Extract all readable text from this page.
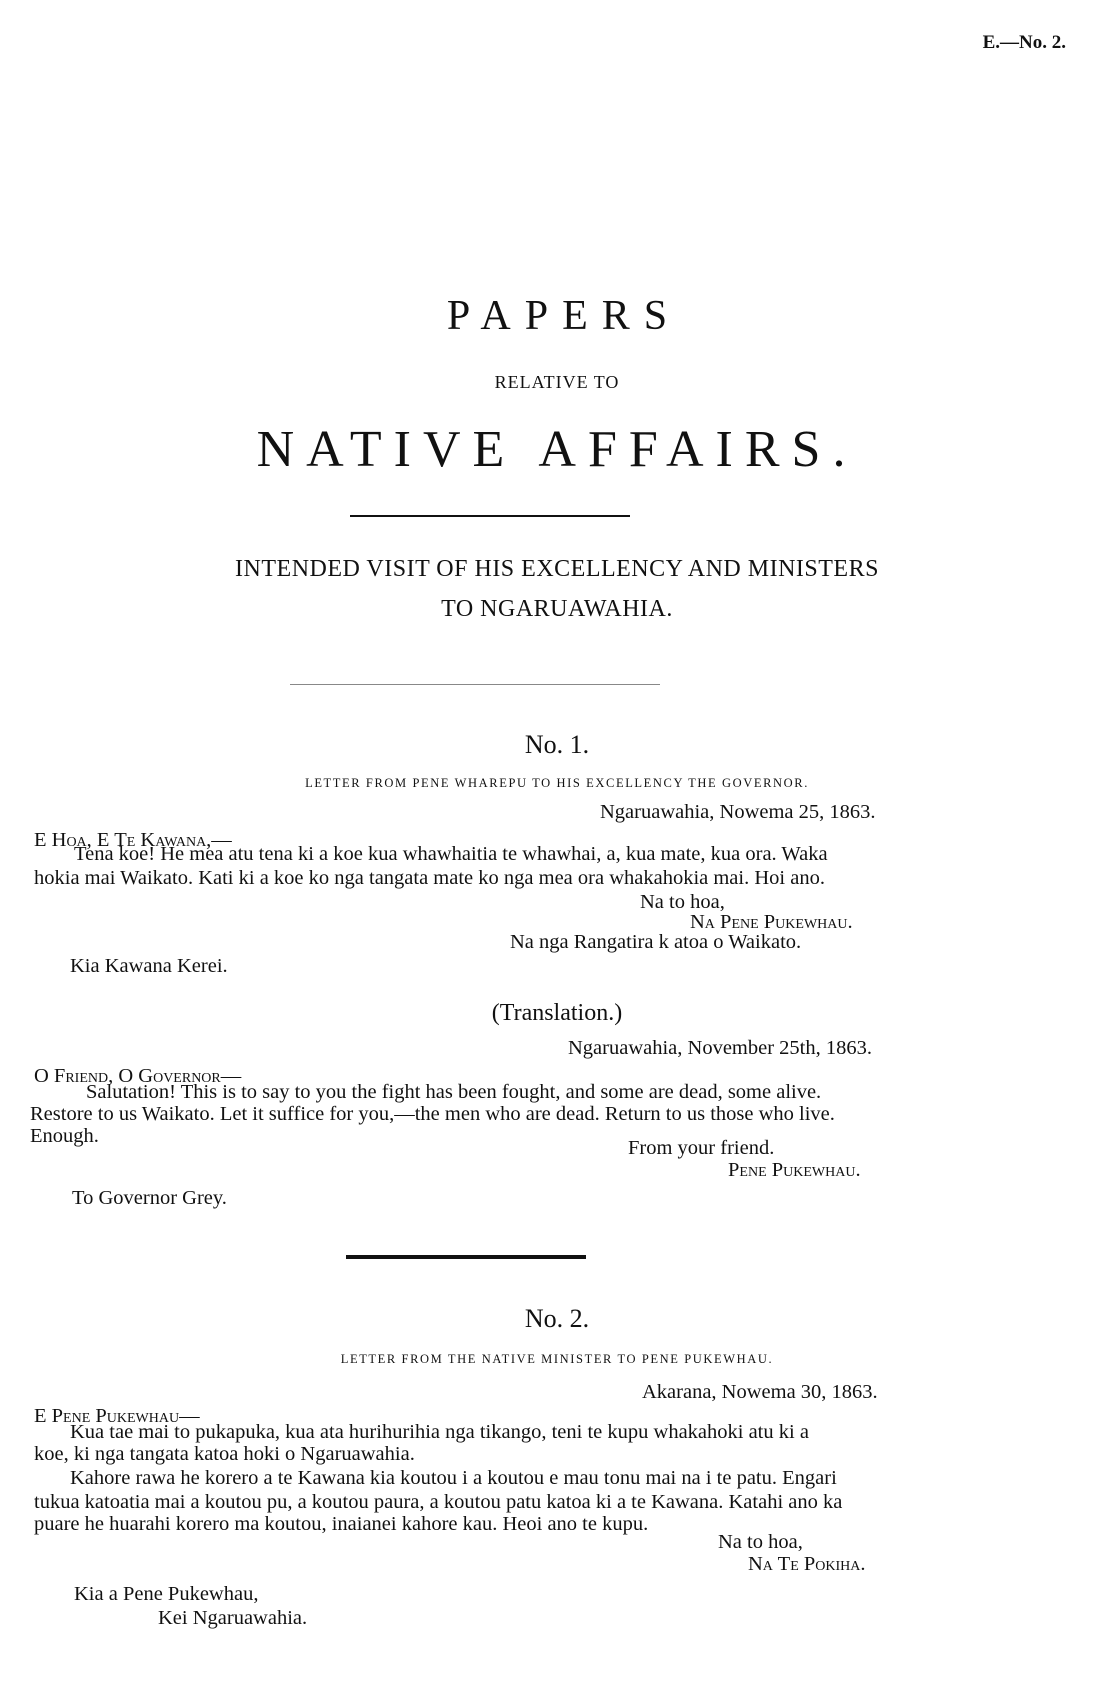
E.—No. 2.
PAPERS
RELATIVE TO
NATIVE AFFAIRS.
INTENDED VISIT OF HIS EXCELLENCY AND MINISTERS
TO NGARUAWAHIA.
No. 1.
LETTER FROM PENE WHAREPU TO HIS EXCELLENCY THE GOVERNOR.
Ngaruawahia, Nowema 25, 1863.
E Hoa, E Te Kawana,—
Tena koe! He mea atu tena ki a koe kua whawhaitia te whawhai, a, kua mate, kua ora. Waka
hokia mai Waikato. Kati ki a koe ko nga tangata mate ko nga mea ora whakahokia mai. Hoi ano.
Na to hoa,
Na Pene Pukewhau.
Na nga Rangatira k atoa o Waikato.
Kia Kawana Kerei.
(Translation.)
Ngaruawahia, November 25th, 1863.
O Friend, O Governor—
Salutation! This is to say to you the fight has been fought, and some are dead, some alive.
Restore to us Waikato. Let it suffice for you,—the men who are dead. Return to us those who live.
Enough.
From your friend.
Pene Pukewhau.
To Governor Grey.
No. 2.
LETTER FROM THE NATIVE MINISTER TO PENE PUKEWHAU.
Akarana, Nowema 30, 1863.
E Pene Pukewhau—
Kua tae mai to pukapuka, kua ata hurihurihia nga tikango, teni te kupu whakahoki atu ki a
koe, ki nga tangata katoa hoki o Ngaruawahia.
Kahore rawa he korero a te Kawana kia koutou i a koutou e mau tonu mai na i te patu. Engari
tukua katoatia mai a koutou pu, a koutou paura, a koutou patu katoa ki a te Kawana. Katahi ano ka
puare he huarahi korero ma koutou, inaianei kahore kau. Heoi ano te kupu.
Na to hoa,
Na Te Pokiha.
Kia a Pene Pukewhau,
Kei Ngaruawahia.
